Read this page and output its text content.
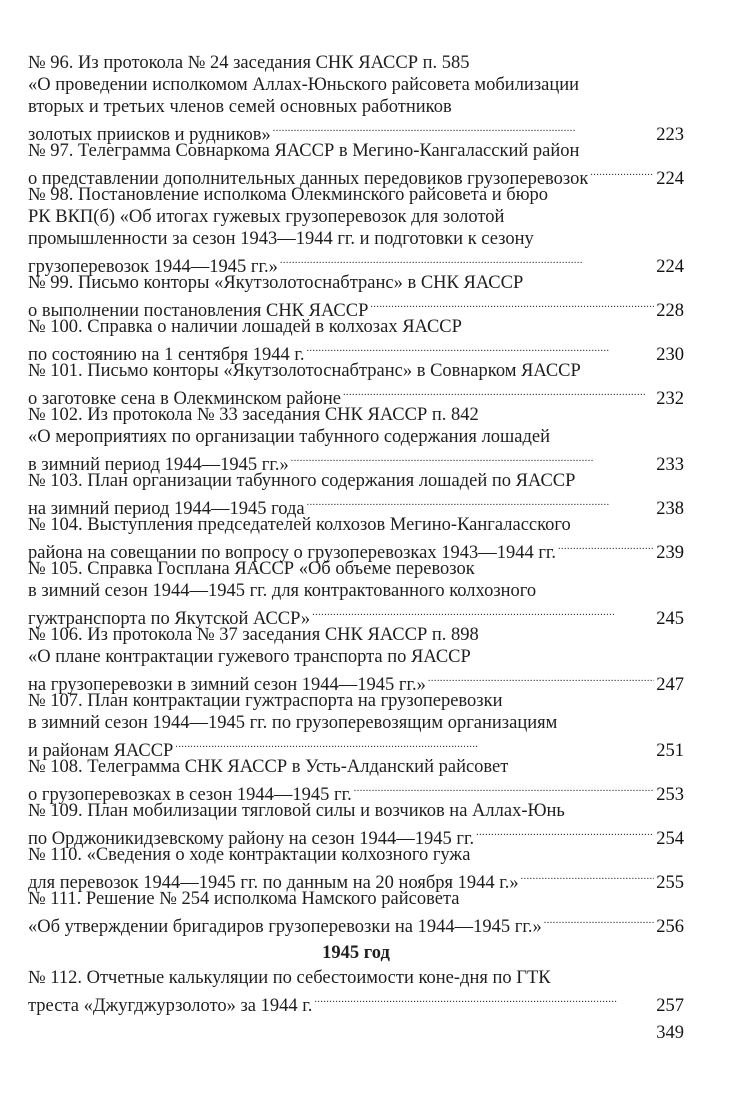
№ 96. Из протокола № 24 заседания СНК ЯАССР п. 585
«О проведении исполкомом Аллах-Юньского райсовета мобилизации
вторых и третьих членов семей основных работников
золотых приисков и рудников» . . .	223
№ 97. Телеграмма Совнаркома ЯАССР в Мегино-Кангаласский район
о представлении дополнительных данных передовиков грузоперевозок . . .	224
№ 98. Постановление исполкома Олекминского райсовета и бюро
РК ВКП(б) «Об итогах гужевых грузоперевозок для золотой
промышленности за сезон 1943—1944 гг. и подготовки к сезону
грузоперевозок 1944—1945 гг.» . . .	224
№ 99. Письмо конторы «Якутзолотоснабтранс» в СНК ЯАССР
о выполнении постановления СНК ЯАССР . . .	228
№ 100. Справка о наличии лошадей в колхозах ЯАССР
по состоянию на 1 сентября 1944 г. . . .	230
№ 101. Письмо конторы «Якутзолотоснабтранс» в Совнарком ЯАССР
о заготовке сена в Олекминском районе . . .	232
№ 102. Из протокола № 33 заседания СНК ЯАССР п. 842
«О мероприятиях по организации табунного содержания лошадей
в зимний период 1944—1945 гг.» . . .	233
№ 103. План организации табунного содержания лошадей по ЯАССР
на зимний период 1944—1945 года . . .	238
№ 104. Выступления председателей колхозов Мегино-Кангаласского
района на совещании по вопросу о грузоперевозках 1943—1944 гг. . . .	239
№ 105. Справка Госплана ЯАССР «Об объеме перевозок
в зимний сезон 1944—1945 гг. для контрактованного колхозного
гужтранспорта по Якутской АССР» . . .	245
№ 106. Из протокола № 37 заседания СНК ЯАССР п. 898
«О плане контрактации гужевого транспорта по ЯАССР
на грузоперевозки в зимний сезон 1944—1945 гг.» . . .	247
№ 107. План контрактации гужтраспорта на грузоперевозки
в зимний сезон 1944—1945 гг. по грузоперевозящим организациям
и районам ЯАССР . . .	251
№ 108. Телеграмма СНК ЯАССР в Усть-Алданский райсовет
о грузоперевозках в сезон 1944—1945 гг. . . .	253
№ 109. План мобилизации тягловой силы и возчиков на Аллах-Юнь
по Орджоникидзевскому району на сезон 1944—1945 гг. . . .	254
№ 110. «Сведения о ходе контрактации колхозного гужа
для перевозок 1944—1945 гг. по данным на 20 ноября 1944 г.» . . .	255
№ 111. Решение № 254 исполкома Намского райсовета
«Об утверждении бригадиров грузоперевозки на 1944—1945 гг.» . . .	256
1945 год
№ 112. Отчетные калькуляции по себестоимости коне-дня по ГТК
треста «Джугджурзолото» за 1944 г. . . .	257
349
